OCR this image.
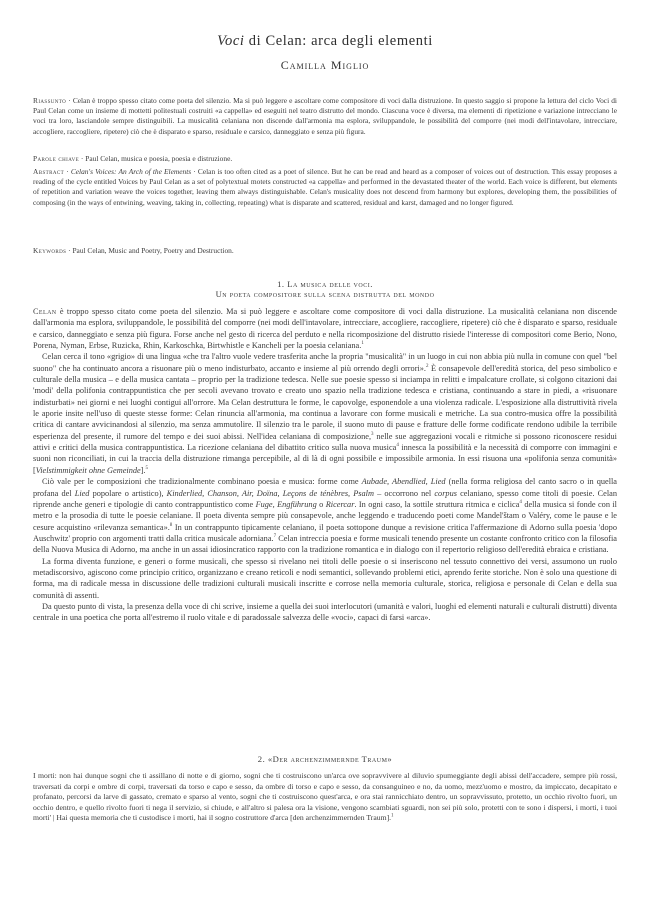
Voci di Celan: arca degli elementi
Camilla Miglio

Riassunto · Celan è troppo spesso citato come poeta del silenzio. Ma si può leggere e ascoltare come compositore di voci dalla distruzione. In questo saggio si propone la lettura del ciclo Voci di Paul Celan come un insieme di mottetti politestuali costruiti «a cappella» ed eseguiti nel teatro distrutto del mondo. Ciascuna voce è diversa, ma elementi di ripetizione e variazione intrecciano le voci tra loro, lasciandole sempre distinguibili. La musicalità celaniana non discende dall'armonia ma esplora, sviluppandole, le possibilità del comporre (nei modi dell'intavolare, intrecciare, accogliere, raccogliere, ripetere) ciò che è disparato e sparso, residuale e carsico, danneggiato e senza più figura.

Parole chiave · Paul Celan, musica e poesia, poesia e distruzione.

Abstract · Celan's Voices: An Arch of the Elements · Celan is too often cited as a poet of silence. But he can be read and heard as a composer of voices out of destruction. This essay proposes a reading of the cycle entitled Voices by Paul Celan as a set of polytextual motets constructed «a cappella» and performed in the devastated theater of the world. Each voice is different, but elements of repetition and variation weave the voices together, leaving them always distinguishable. Celan's musicality does not descend from harmony but explores, developing them, the possibilities of composing (in the ways of entwining, weaving, taking in, collecting, repeating) what is disparate and scattered, residual and karst, damaged and no longer figured.

Keywords · Paul Celan, Music and Poetry, Poetry and Destruction.

1. La musica delle voci.
Un poeta compositore sulla scena distrutta del mondo

Celan è troppo spesso citato come poeta del silenzio. Ma si può leggere e ascoltare come compositore di voci dalla distruzione. La musicalità celaniana non discende dall'armonia ma esplora, sviluppandole, le possibilità del comporre (nei modi dell'intavolare, intrecciare, accogliere, raccogliere, ripetere) ciò che è disparato e sparso, residuale e carsico, danneggiato e senza più figura. Forse anche nel gesto di ricerca del perduto e nella ricomposizione del distrutto risiede l'interesse di compositori come Berio, Nono, Porena, Nyman, Erbse, Ruzicka, Rhin, Karkoschka, Birtwhistle e Kancheli per la poesia celaniana.$^1$

Celan cerca il tono «grigio» di una lingua «che tra l'altro vuole vedere trasferita anche la propria "musicalità" in un luogo in cui non abbia più nulla in comune con quel "bel suono" che ha continuato ancora a risuonare più o meno indisturbato, accanto e insieme al più orrendo degli orrori».$^2$ È consapevole dell'eredità storica, del peso simbolico e culturale della musica – e della musica cantata – proprio per la tradizione tedesca. Nelle sue poesie spesso si inciampa in relitti e impalcature crollate, si colgono citazioni dai 'modi' della polifonia contrappuntistica che per secoli avevano trovato e creato uno spazio nella tradizione tedesca e cristiana, continuando a stare in piedi, a «risuonare indisturbati» nei giorni e nei luoghi contigui all'orrore. Ma Celan destruttura le forme, le capovolge, esponendole a una violenza radicale. L'esposizione alla distruttività rivela le aporie insite nell'uso di queste stesse forme: Celan rinuncia all'armonia, ma continua a lavorare con forme musicali e metriche. La sua contro-musica offre la possibilità critica di cantare avvicinandosi al silenzio, ma senza ammutolire. Il silenzio tra le parole, il suono muto di pause e fratture delle forme codificate rendono udibile la terribile esperienza del presente, il rumore del tempo e dei suoi abissi. Nell'idea celaniana di composizione,$^3$ nelle sue aggregazioni vocali e ritmiche si possono riconoscere residui attivi e critici della musica contrappuntistica. La ricezione celaniana del dibattito critico sulla nuova musica$^4$ innesca la possibilità e la necessità di comporre con immagini e suoni non riconciliati, in cui la traccia della distruzione rimanga percepibile, al di là di ogni possibile e impossibile armonia. In essi risuona una «polifonia senza comunità» [Vielstimmigkeit ohne Gemeinde].$^5$

Ciò vale per le composizioni che tradizionalmente combinano poesia e musica: forme come Aubade, Abendlied, Lied (nella forma religiosa del canto sacro o in quella profana del Lied popolare o artistico), Kinderlied, Chanson, Air, Doïna, Leçons de ténèbres, Psalm – occorrono nel corpus celaniano, spesso come titoli di poesie. Celan riprende anche generi e tipologie di canto contrappuntistico come Fuge, Engführung o Ricercar. In ogni caso, la sottile struttura ritmica e ciclica$^4$ della musica si fonde con il metro e la prosodia di tutte le poesie celaniane. Il poeta diventa sempre più consapevole, anche leggendo e traducendo poeti come Mandel'štam o Valéry, come le pause e le cesure acquistino «rilevanza semantica».$^8$ In un contrappunto tipicamente celaniano, il poeta sottopone dunque a revisione critica l'affermazione di Adorno sulla poesia 'dopo Auschwitz' proprio con argomenti tratti dalla critica musicale adorniana.$^7$ Celan intreccia poesia e forme musicali tenendo presente un costante confronto critico con la filosofia della Nuova Musica di Adorno, ma anche in un assai idiosincratico rapporto con la tradizione romantica e in dialogo con il repertorio religioso dell'eredità ebraica e cristiana.

La forma diventa funzione, e generi o forme musicali, che spesso si rivelano nei titoli delle poesie o si inseriscono nel tessuto connettivo dei versi, assumono un ruolo metadiscorsivo, agiscono come principio critico, organizzano e creano reticoli e nodi semantici, sollevando problemi etici, aprendo ferite storiche. Non è solo una questione di forma, ma di radicale messa in discussione delle tradizioni culturali musicali inscritte e corrose nella memoria culturale, storica, religiosa e personale di Celan e della sua comunità di assenti.

Da questo punto di vista, la presenza della voce di chi scrive, insieme a quella dei suoi interlocutori (umanità e valori, luoghi ed elementi naturali e culturali distrutti) diventa centrale in una poetica che porta all'estremo il ruolo vitale e di paradossale salvezza delle «voci», capaci di farsi «arca».

2. «Der archenzimmernde Traum»

I morti: non hai dunque sogni che ti assillano di notte e di giorno, sogni che ti costruiscono un'arca ove sopravvivere al diluvio spumeggiante degli abissi dell'accadere, sempre più rossi, traversati da corpi e ombre di corpi, traversati da torso e capo e sesso, da ombre di torso e capo e sesso, da consanguineo e no, da uomo, mezz'uomo e mostro, da impiccato, decapitato e profanato, percorsi da larve di gassato, cremato e sparso al vento, sogni che ti costruiscono quest'arca, e ora stai rannicchiato dentro, un sopravvissuto, protetto, un occhio rivolto fuori, un occhio dentro, e quello rivolto fuori ti nega il servizio, si chiude, e all'altro si palesa ora la visione, vengono scambiati sguardi, non sei più solo, protetti con te sono i dispersi, i morti, i tuoi morti' | Hai questa memoria che ti custodisce i morti, hai il sogno costruttore d'arca [den archenzimmernden Traum].$^1$
